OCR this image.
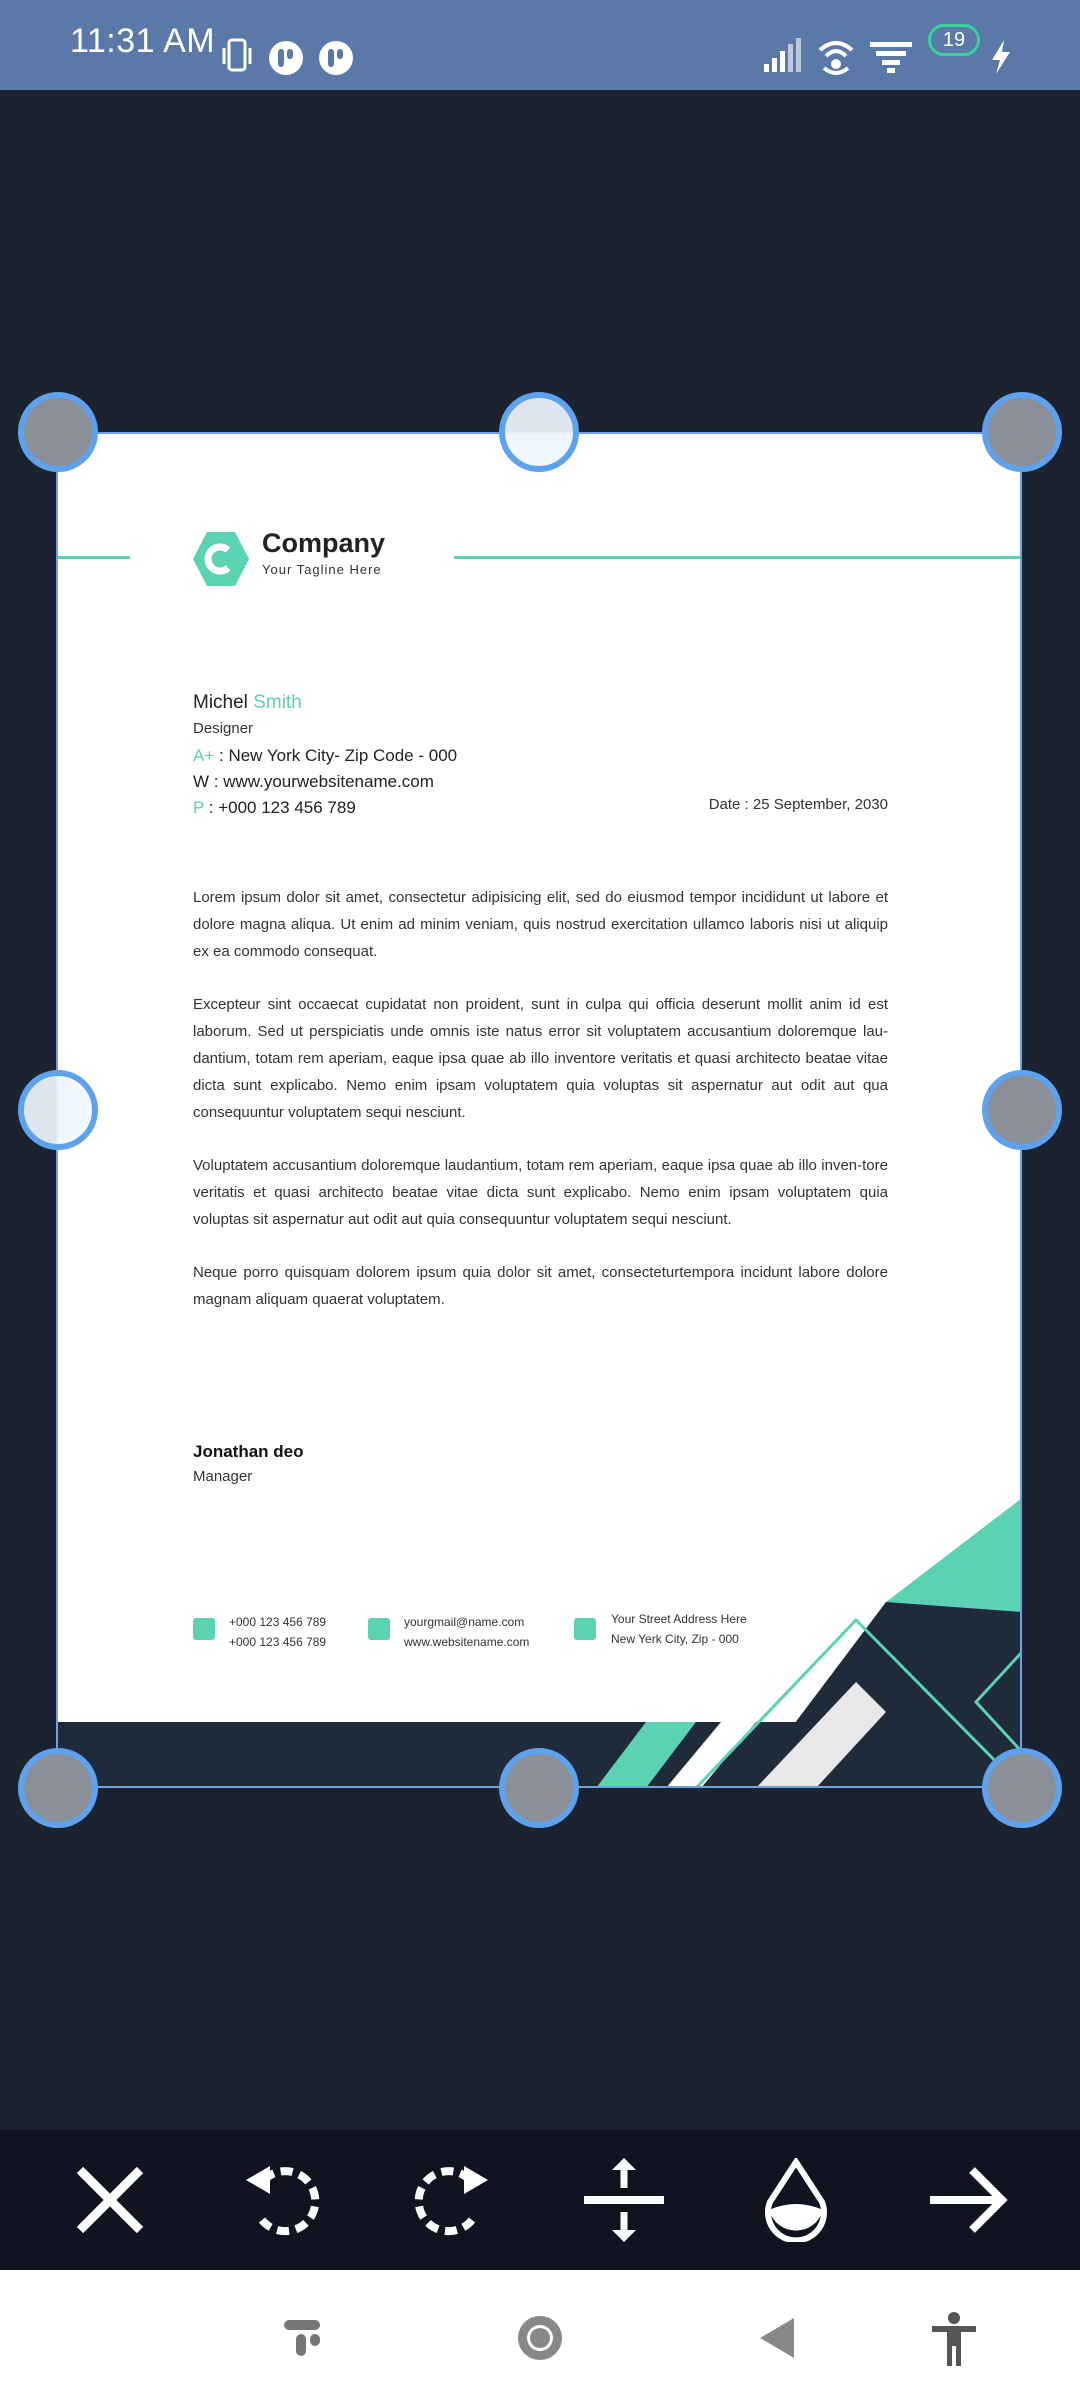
11:31 AM	19
Company
Your Tagline Here
Michel Smith
Designer
A+ : New York City- Zip Code - 000
W : www.yourwebsitename.com
P : +000 123 456 789	Date : 25 September, 2030
Lorem ipsum dolor sit amet, consectetur adipisicing elit, sed do eiusmod tempor incididunt ut labore et dolore magna aliqua. Ut enim ad minim veniam, quis nostrud exercitation ullamco laboris nisi ut aliquip ex ea commodo consequat.
Excepteur sint occaecat cupidatat non proident, sunt in culpa qui officia deserunt mollit anim id est laborum. Sed ut perspiciatis unde omnis iste natus error sit voluptatem accusantium doloremque lau-dantium, totam rem aperiam, eaque ipsa quae ab illo inventore veritatis et quasi architecto beatae vitae dicta sunt explicabo. Nemo enim ipsam voluptatem quia voluptas sit aspernatur aut odit aut qua consequuntur voluptatem sequi nesciunt.
Voluptatem accusantium doloremque laudantium, totam rem aperiam, eaque ipsa quae ab illo inven-tore veritatis et quasi architecto beatae vitae dicta sunt explicabo. Nemo enim ipsam voluptatem quia voluptas sit aspernatur aut odit aut quia consequuntur voluptatem sequi nesciunt.
Neque porro quisquam dolorem ipsum quia dolor sit amet, consecteturtempora incidunt labore dolore magnam aliquam quaerat voluptatem.
Jonathan deo
Manager
+000 123 456 789
+000 123 456 789
yourgmail@name.com
www.websitename.com
Your Street Address Here
New Yerk City, Zip - 000
